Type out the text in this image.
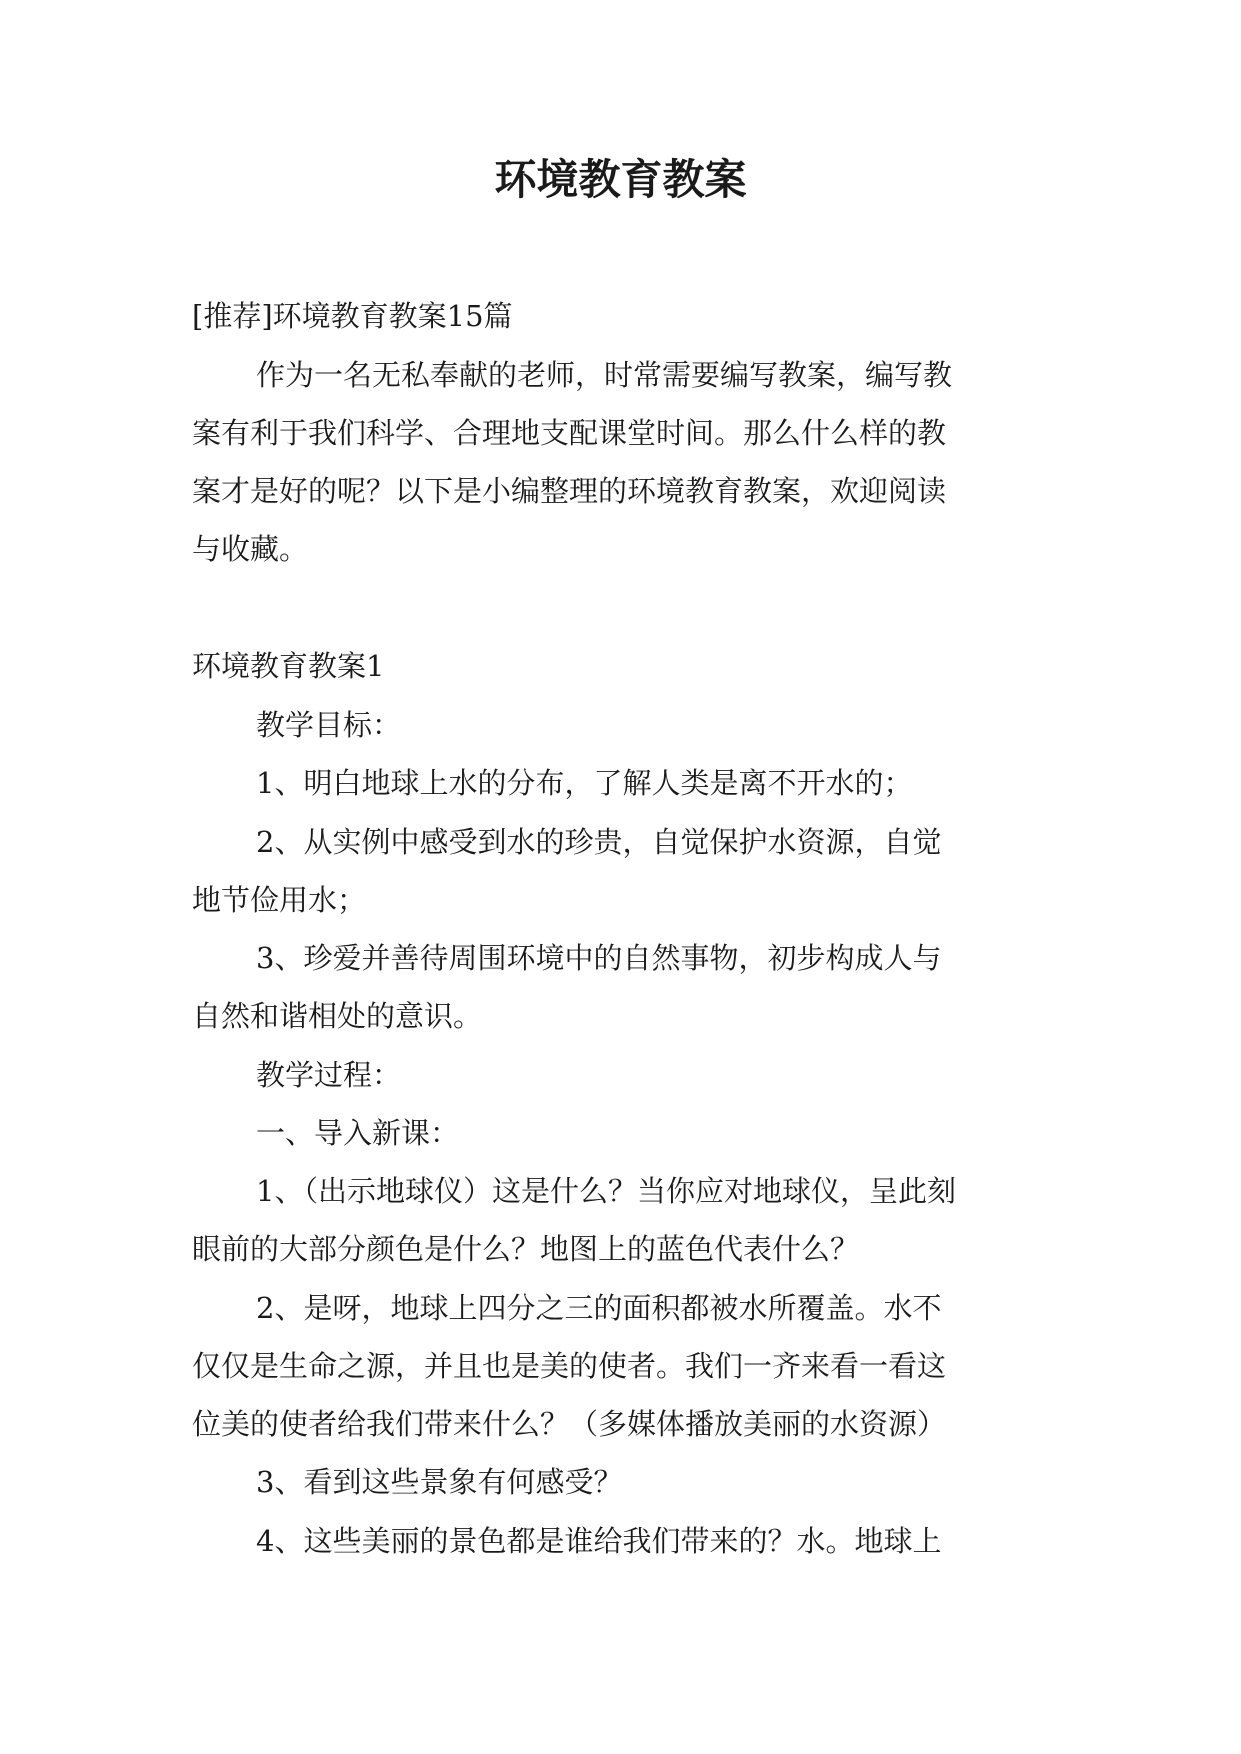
环境教育教案
[推荐]环境教育教案15篇
作为一名无私奉献的老师，时常需要编写教案，编写教
案有利于我们科学、合理地支配课堂时间。那么什么样的教
案才是好的呢？以下是小编整理的环境教育教案，欢迎阅读
与收藏。
环境教育教案1
教学目标：
1、明白地球上水的分布，了解人类是离不开水的；
2、从实例中感受到水的珍贵，自觉保护水资源，自觉
地节俭用水；
3、珍爱并善待周围环境中的自然事物，初步构成人与
自然和谐相处的意识。
教学过程：
一、导入新课：
1、（出示地球仪）这是什么？当你应对地球仪，呈此刻
眼前的大部分颜色是什么？地图上的蓝色代表什么？
2、是呀，地球上四分之三的面积都被水所覆盖。水不
仅仅是生命之源，并且也是美的使者。我们一齐来看一看这
位美的使者给我们带来什么？（多媒体播放美丽的水资源）
3、看到这些景象有何感受？
4、这些美丽的景色都是谁给我们带来的？水。地球上
